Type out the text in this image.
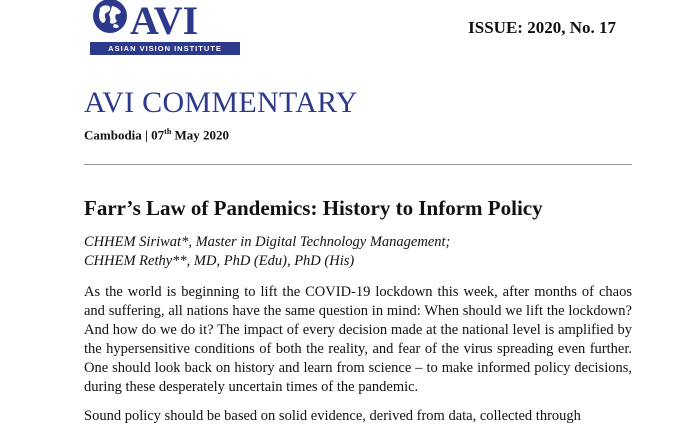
AVI
ASIAN VISION INSTITUTE
ISSUE: 2020, No. 17
AVI COMMENTARY
Cambodia | 07th May 2020
Farr’s Law of Pandemics: History to Inform Policy
CHHEM Siriwat*, Master in Digital Technology Management;
CHHEM Rethy**, MD, PhD (Edu), PhD (His)
As the world is beginning to lift the COVID-19 lockdown this week, after months of chaos and suffering, all nations have the same question in mind: When should we lift the lockdown? And how do we do it? The impact of every decision made at the national level is amplified by the hypersensitive conditions of both the reality, and fear of the virus spreading even further. One should look back on history and learn from science – to make informed policy decisions, during these desperately uncertain times of the pandemic.
Sound policy should be based on solid evidence, derived from data, collected through
